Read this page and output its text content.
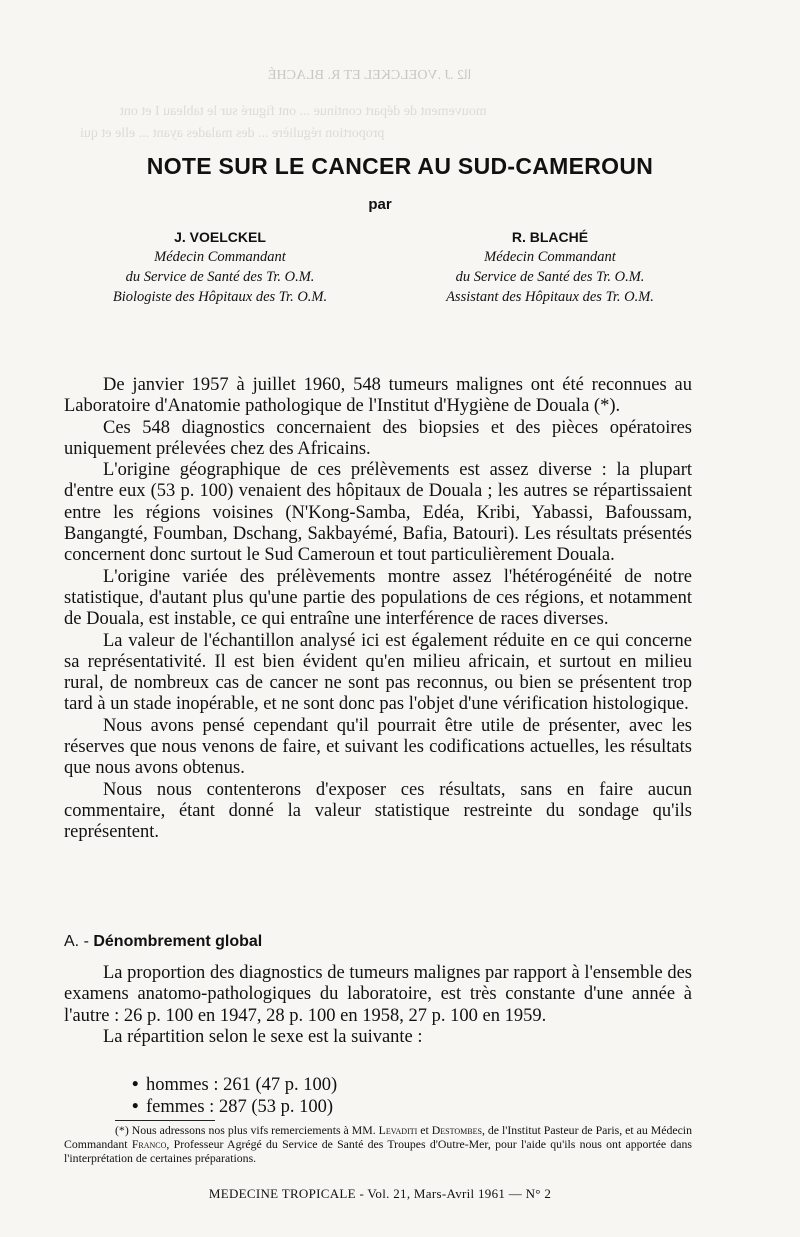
ƖƖ2 .J .VOELCKEL ET R. BLACHÉ
mouvement de départ continue ... ont figuré sur le tableau I et ont
proportion régulière ... des malades ayant ... elle et qui
NOTE SUR LE CANCER AU SUD-CAMEROUN
par
J. VOELCKEL
Médecin Commandant
du Service de Santé des Tr. O.M.
Biologiste des Hôpitaux des Tr. O.M.
R. BLACHÉ
Médecin Commandant
du Service de Santé des Tr. O.M.
Assistant des Hôpitaux des Tr. O.M.

De janvier 1957 à juillet 1960, 548 tumeurs malignes ont été reconnues au Laboratoire d'Anatomie pathologique de l'Institut d'Hygiène de Douala (*).

Ces 548 diagnostics concernaient des biopsies et des pièces opératoires uniquement prélevées chez des Africains.

L'origine géographique de ces prélèvements est assez diverse : la plupart d'entre eux (53 p. 100) venaient des hôpitaux de Douala ; les autres se répartissaient entre les régions voisines (N'Kong-Samba, Edéa, Kribi, Yabassi, Bafoussam, Bangangté, Foumban, Dschang, Sakbayémé, Bafia, Batouri). Les résultats présentés concernent donc surtout le Sud Cameroun et tout particulièrement Douala.

L'origine variée des prélèvements montre assez l'hétérogénéité de notre statistique, d'autant plus qu'une partie des populations de ces régions, et notamment de Douala, est instable, ce qui entraîne une interférence de races diverses.

La valeur de l'échantillon analysé ici est également réduite en ce qui concerne sa représentativité. Il est bien évident qu'en milieu africain, et surtout en milieu rural, de nombreux cas de cancer ne sont pas reconnus, ou bien se présentent trop tard à un stade inopérable, et ne sont donc pas l'objet d'une vérification histologique.

Nous avons pensé cependant qu'il pourrait être utile de présenter, avec les réserves que nous venons de faire, et suivant les codifications actuelles, les résultats que nous avons obtenus.

Nous nous contenterons d'exposer ces résultats, sans en faire aucun commentaire, étant donné la valeur statistique restreinte du sondage qu'ils représentent.

A. - Dénombrement global

La proportion des diagnostics de tumeurs malignes par rapport à l'ensemble des examens anatomo-pathologiques du laboratoire, est très constante d'une année à l'autre : 26 p. 100 en 1947, 28 p. 100 en 1958, 27 p. 100 en 1959.

La répartition selon le sexe est la suivante :

• hommes : 261 (47 p. 100)
• femmes : 287 (53 p. 100)

(*) Nous adressons nos plus vifs remerciements à MM. Levaditi et Destombes, de l'Institut Pasteur de Paris, et au Médecin Commandant Franco, Professeur Agrégé du Service de Santé des Troupes d'Outre-Mer, pour l'aide qu'ils nous ont apportée dans l'interprétation de certaines préparations.

MEDECINE TROPICALE - Vol. 21, Mars-Avril 1961 — N° 2
